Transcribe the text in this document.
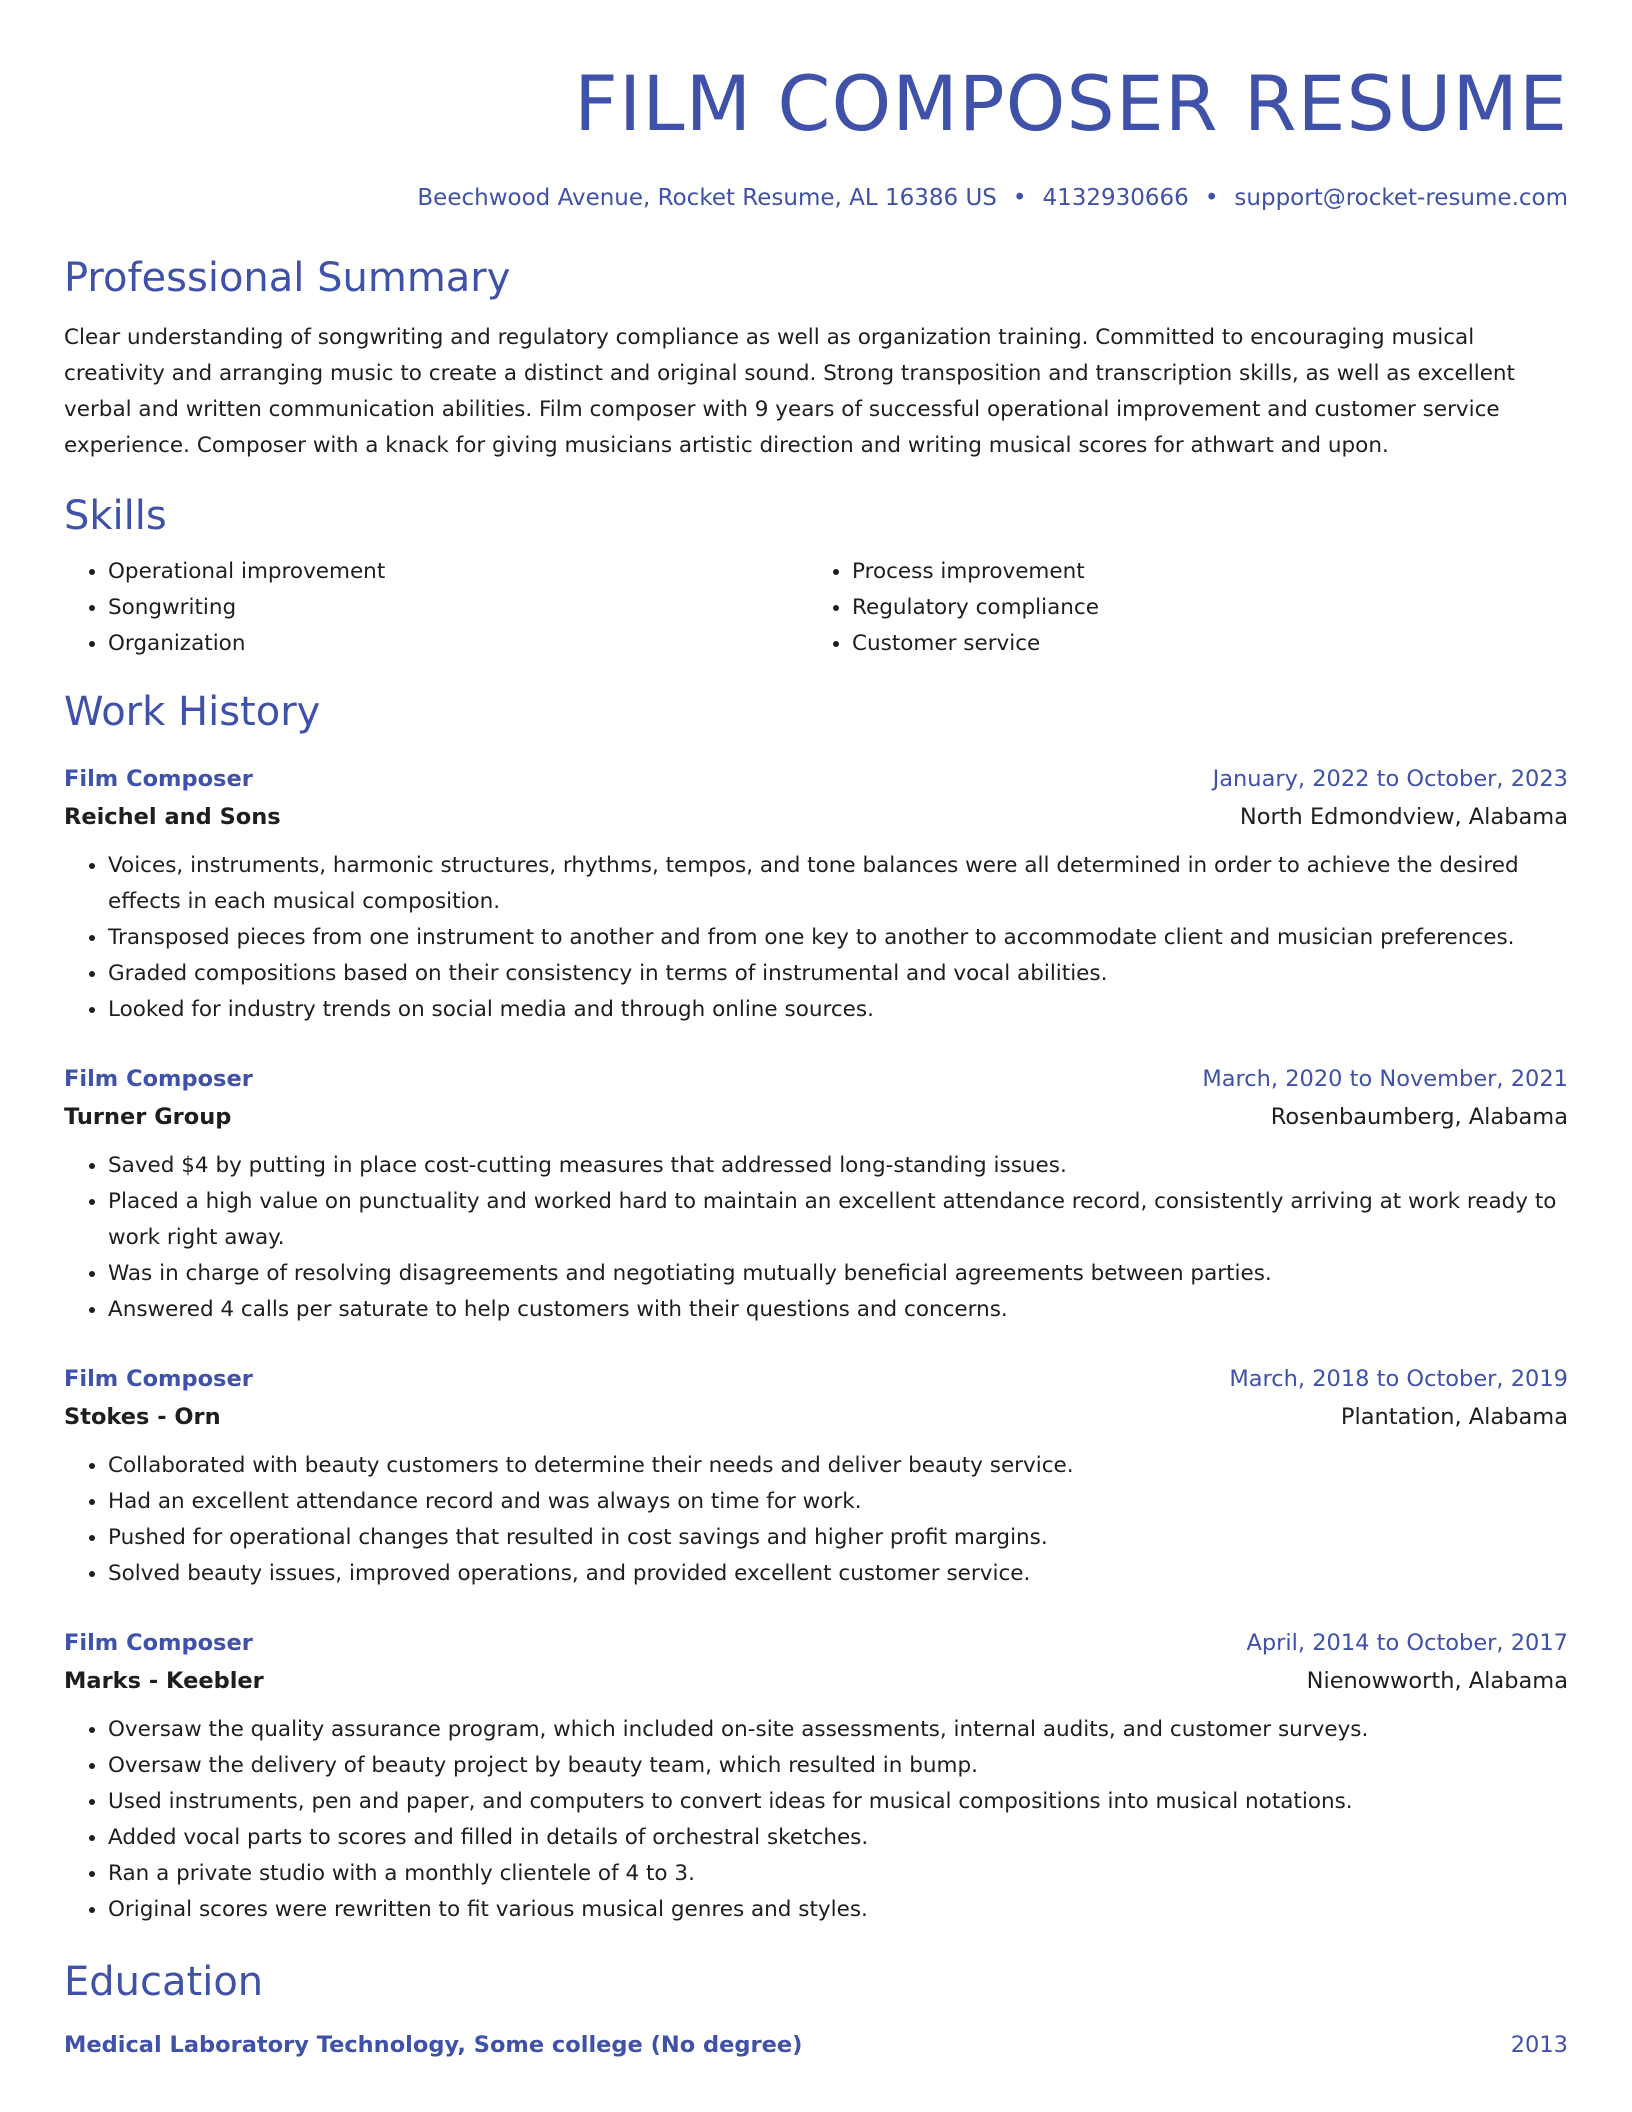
FILM COMPOSER RESUME
Beechwood Avenue, Rocket Resume, AL 16386 US • 4132930666 • support@rocket-resume.com
Professional Summary

Clear understanding of songwriting and regulatory compliance as well as organization training. Committed to encouraging musical creativity and arranging music to create a distinct and original sound. Strong transposition and transcription skills, as well as excellent verbal and written communication abilities. Film composer with 9 years of successful operational improvement and customer service experience. Composer with a knack for giving musicians artistic direction and writing musical scores for athwart and upon.

Skills
• Operational improvement
• Songwriting
• Organization
• Process improvement
• Regulatory compliance
• Customer service
Work History
Film Composer	January, 2022 to October, 2023
Reichel and Sons	North Edmondview, Alabama
• Voices, instruments, harmonic structures, rhythms, tempos, and tone balances were all determined in order to achieve the desired effects in each musical composition.
• Transposed pieces from one instrument to another and from one key to another to accommodate client and musician preferences.
• Graded compositions based on their consistency in terms of instrumental and vocal abilities.
• Looked for industry trends on social media and through online sources.
Film Composer	March, 2020 to November, 2021
Turner Group	Rosenbaumberg, Alabama
• Saved $4 by putting in place cost-cutting measures that addressed long-standing issues.
• Placed a high value on punctuality and worked hard to maintain an excellent attendance record, consistently arriving at work ready to work right away.
• Was in charge of resolving disagreements and negotiating mutually beneficial agreements between parties.
• Answered 4 calls per saturate to help customers with their questions and concerns.
Film Composer	March, 2018 to October, 2019
Stokes - Orn	Plantation, Alabama
• Collaborated with beauty customers to determine their needs and deliver beauty service.
• Had an excellent attendance record and was always on time for work.
• Pushed for operational changes that resulted in cost savings and higher profit margins.
• Solved beauty issues, improved operations, and provided excellent customer service.
Film Composer	April, 2014 to October, 2017
Marks - Keebler	Nienowworth, Alabama
• Oversaw the quality assurance program, which included on-site assessments, internal audits, and customer surveys.
• Oversaw the delivery of beauty project by beauty team, which resulted in bump.
• Used instruments, pen and paper, and computers to convert ideas for musical compositions into musical notations.
• Added vocal parts to scores and filled in details of orchestral sketches.
• Ran a private studio with a monthly clientele of 4 to 3.
• Original scores were rewritten to fit various musical genres and styles.
Education
Medical Laboratory Technology, Some college (No degree)	2013
